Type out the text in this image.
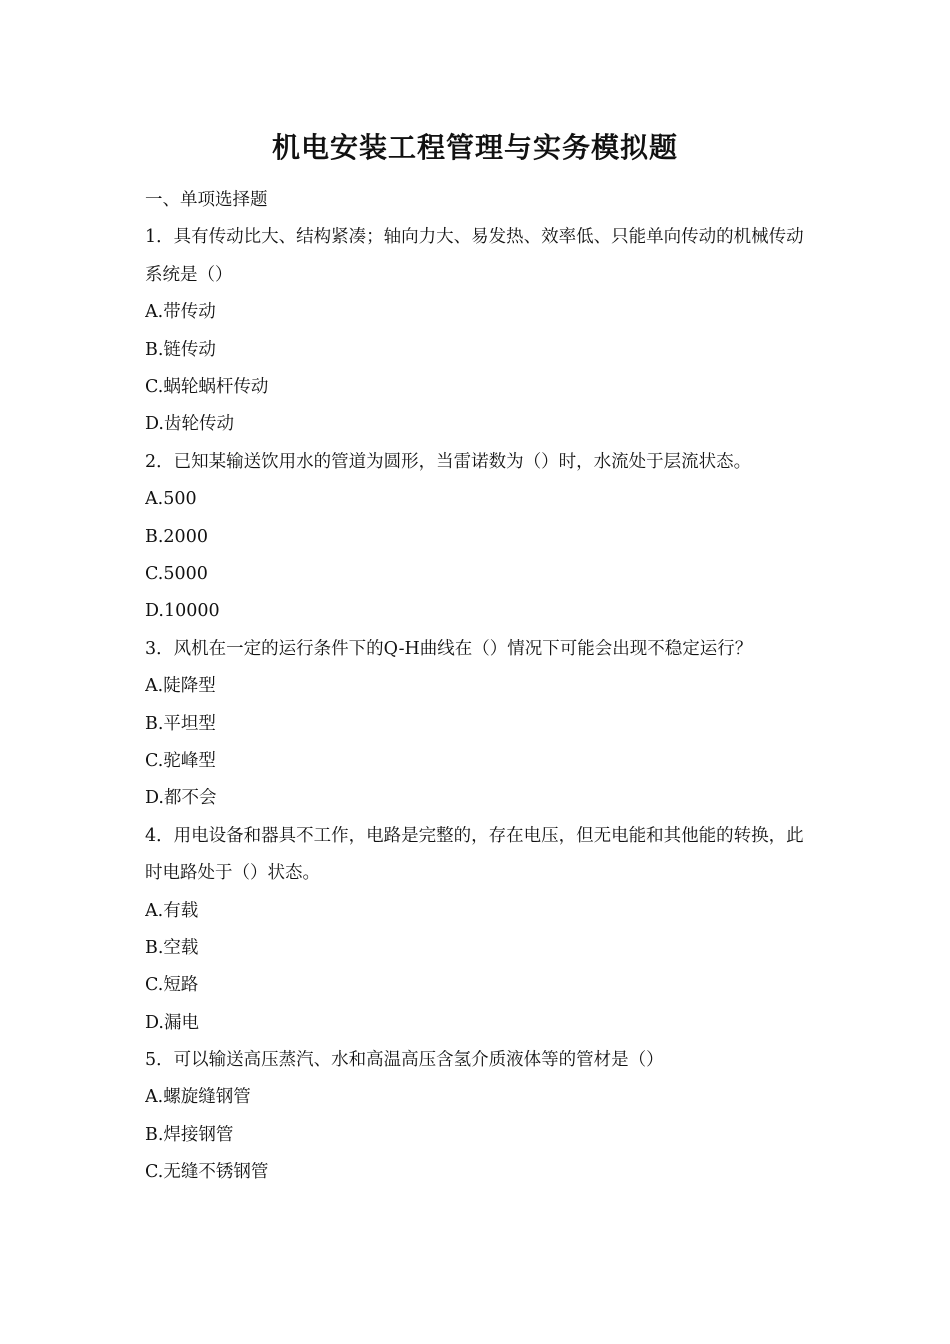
机电安装工程管理与实务模拟题
一、单项选择题
1．具有传动比大、结构紧凑；轴向力大、易发热、效率低、只能单向传动的机械传动系统是（）
A.带传动
B.链传动
C.蜗轮蜗杆传动
D.齿轮传动
2．已知某输送饮用水的管道为圆形，当雷诺数为（）时，水流处于层流状态。
A.500
B.2000
C.5000
D.10000
3．风机在一定的运行条件下的Q-H曲线在（）情况下可能会出现不稳定运行？
A.陡降型
B.平坦型
C.驼峰型
D.都不会
4．用电设备和器具不工作，电路是完整的，存在电压，但无电能和其他能的转换，此时电路处于（）状态。
A.有载
B.空载
C.短路
D.漏电
5．可以输送高压蒸汽、水和高温高压含氢介质液体等的管材是（）
A.螺旋缝钢管
B.焊接钢管
C.无缝不锈钢管
